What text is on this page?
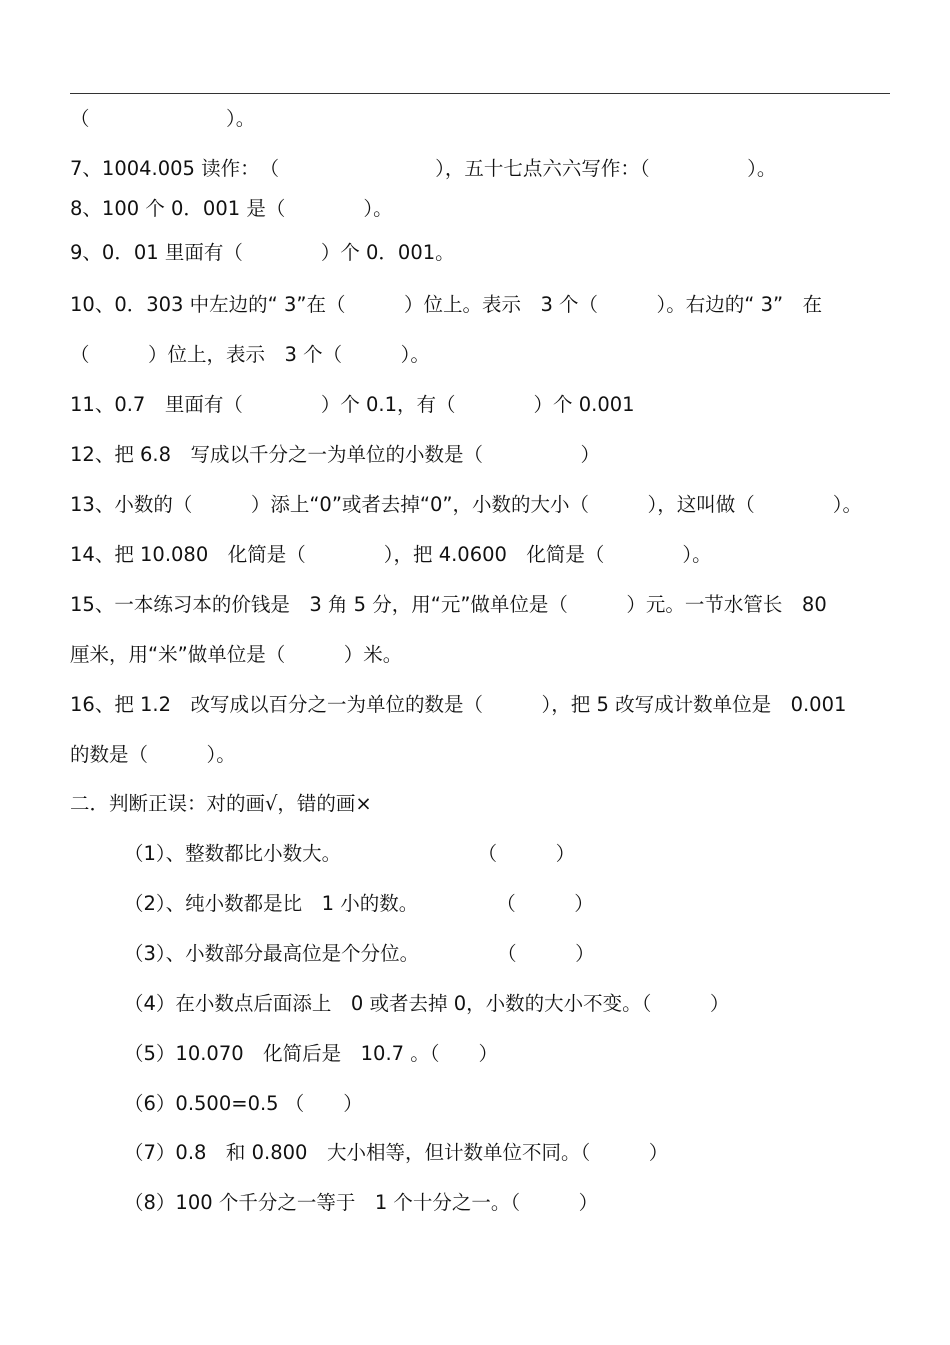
（　　　　　　　）。
7、1004.005 读作：　（　　　　　　　　），五十七点六六写作：（　　　　　）。
8、100 个 0．001 是（　　　　）。
9、0．01 里面有（　　　　）个 0．001。
10、0．303 中左边的“ 3”在（　　　）位上。表示　3 个（　　　）。右边的“ 3”　在
（　　　）位上，表示　3 个（　　　）。
11、0.7　里面有（　　　　）个 0.1，有（　　　　）个 0.001
12、把 6.8　写成以千分之一为单位的小数是（　　　　　）
13、小数的（　　　）添上“0”或者去掉“0”，小数的大小（　　　），这叫做（　　　　）。
14、把 10.080　化简是（　　　　），把 4.0600　化简是（　　　　）。
15、一本练习本的价钱是　3 角 5 分，用“元”做单位是（　　　）元。一节水管长　80
厘米，用“米”做单位是（　　　）米。
16、把 1.2　改写成以百分之一为单位的数是（　　　），把 5 改写成计数单位是　0.001
的数是（　　　）。
二．判断正误：对的画√，错的画×
（1）、整数都比小数大。　　　　　　　　（　　　）
（2）、纯小数都是比　1 小的数。　　　　　（　　　）
（3）、小数部分最高位是个分位。　　　　　（　　　）
（4）在小数点后面添上　0 或者去掉 0，小数的大小不变。（　　　）
（5）10.070　化简后是　10.7 。（　　）
（6）0.500=0.5 （　　）
（7）0.8　和 0.800　大小相等，但计数单位不同。（　　　）
（8）100 个千分之一等于　1 个十分之一。（　　　）
